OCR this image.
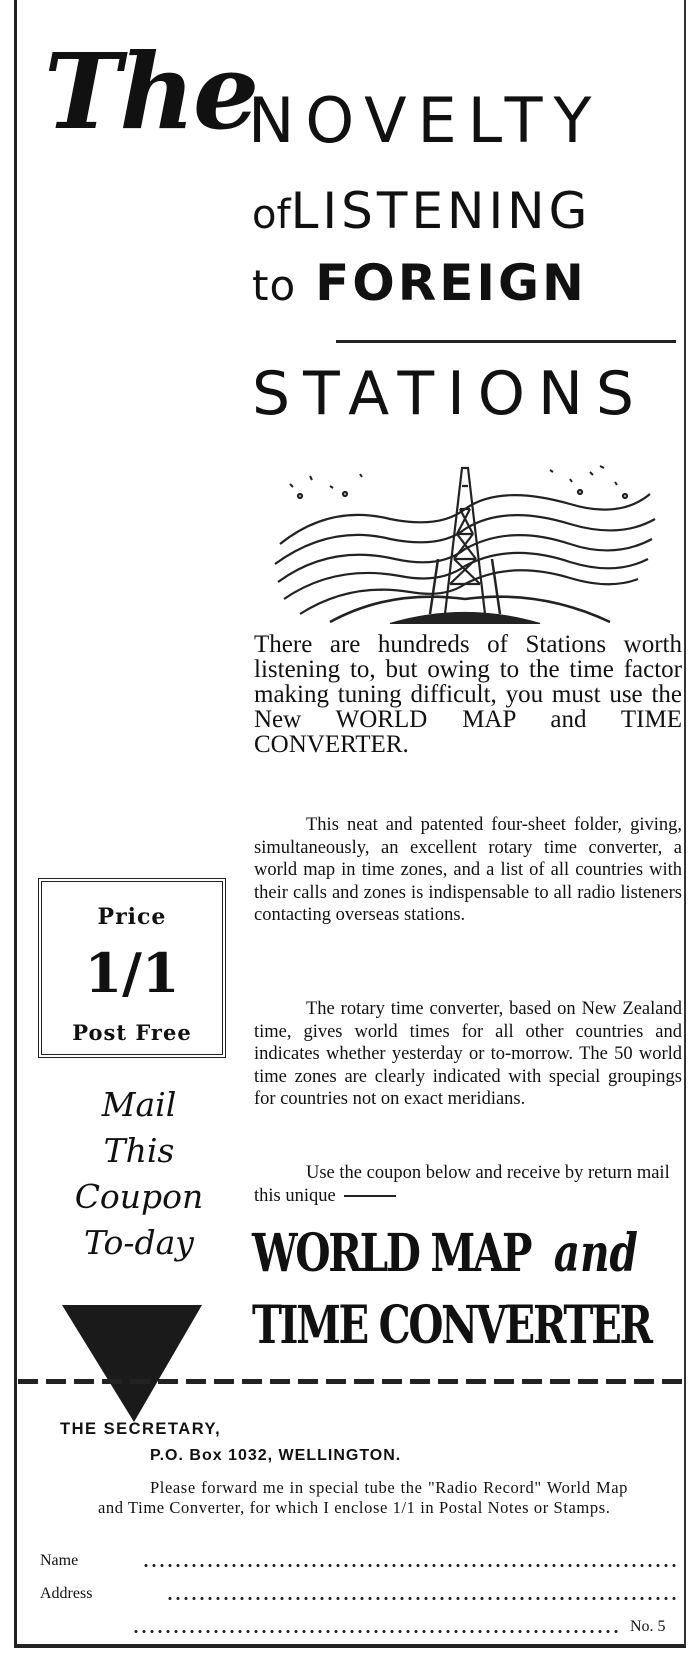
The
NOVELTY
ofLISTENING
to FOREIGN
STATIONS
There are hundreds of Stations worth listening to, but owing to the time factor making tuning difficult, you must use the New WORLD MAP and TIME CONVERTER.
This neat and patented four-sheet folder, giving, simultaneously, an excellent rotary time converter, a world map in time zones, and a list of all countries with their calls and zones is indispensable to all radio listeners contacting overseas stations.
The rotary time converter, based on New Zealand time, gives world times for all other countries and indicates whether yesterday or to-morrow. The 50 world time zones are clearly indicated with special groupings for countries not on exact meridians.
Use the coupon below and receive by return mail this unique
Price
1/1
Post Free
Mail
This
Coupon
To-day	WORLD MAP and
TIME CONVERTER
THE SECRETARY,
P.O. Box 1032, WELLINGTON.
Please forward me in special tube the "Radio Record" World Map and Time Converter, for which I enclose 1/1 in Postal Notes or Stamps.
Name
Address
No. 5
